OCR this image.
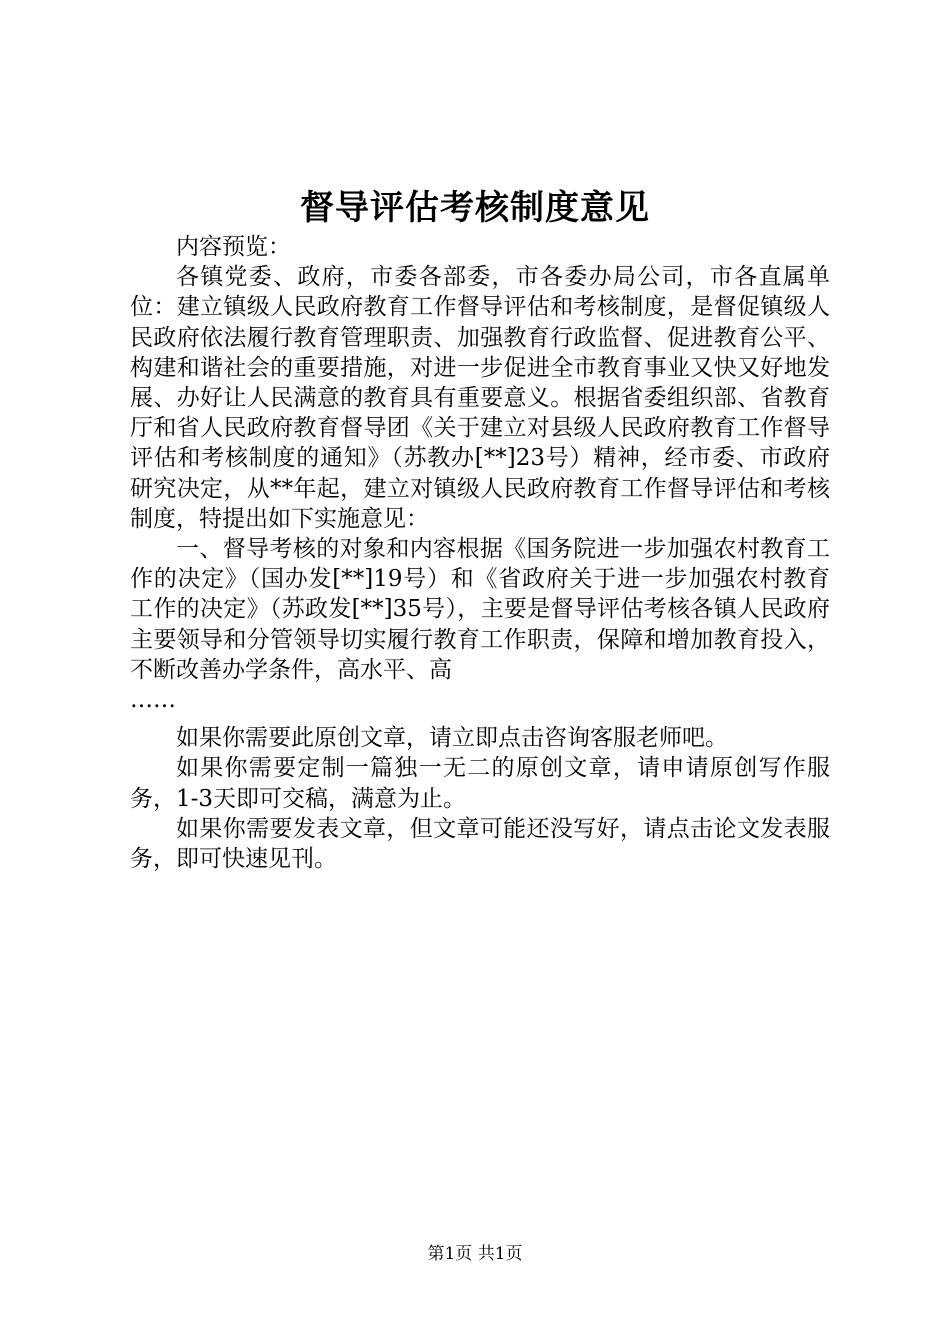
督导评估考核制度意见

内容预览：

各镇党委、政府，市委各部委，市各委办局公司，市各直属单位：建立镇级人民政府教育工作督导评估和考核制度，是督促镇级人民政府依法履行教育管理职责、加强教育行政监督、促进教育公平、构建和谐社会的重要措施，对进一步促进全市教育事业又快又好地发展、办好让人民满意的教育具有重要意义。根据省委组织部、省教育厅和省人民政府教育督导团《关于建立对县级人民政府教育工作督导评估和考核制度的通知》（苏教办[**]23号）精神，经市委、市政府研究决定，从**年起，建立对镇级人民政府教育工作督导评估和考核制度，特提出如下实施意见：

一、督导考核的对象和内容根据《国务院进一步加强农村教育工作的决定》（国办发[**]19号）和《省政府关于进一步加强农村教育工作的决定》（苏政发[**]35号），主要是督导评估考核各镇人民政府主要领导和分管领导切实履行教育工作职责，保障和增加教育投入，不断改善办学条件，高水平、高

……

如果你需要此原创文章，请立即点击咨询客服老师吧。

如果你需要定制一篇独一无二的原创文章，请申请原创写作服务，1-3天即可交稿，满意为止。

如果你需要发表文章，但文章可能还没写好，请点击论文发表服务，即可快速见刊。

第1页 共1页
